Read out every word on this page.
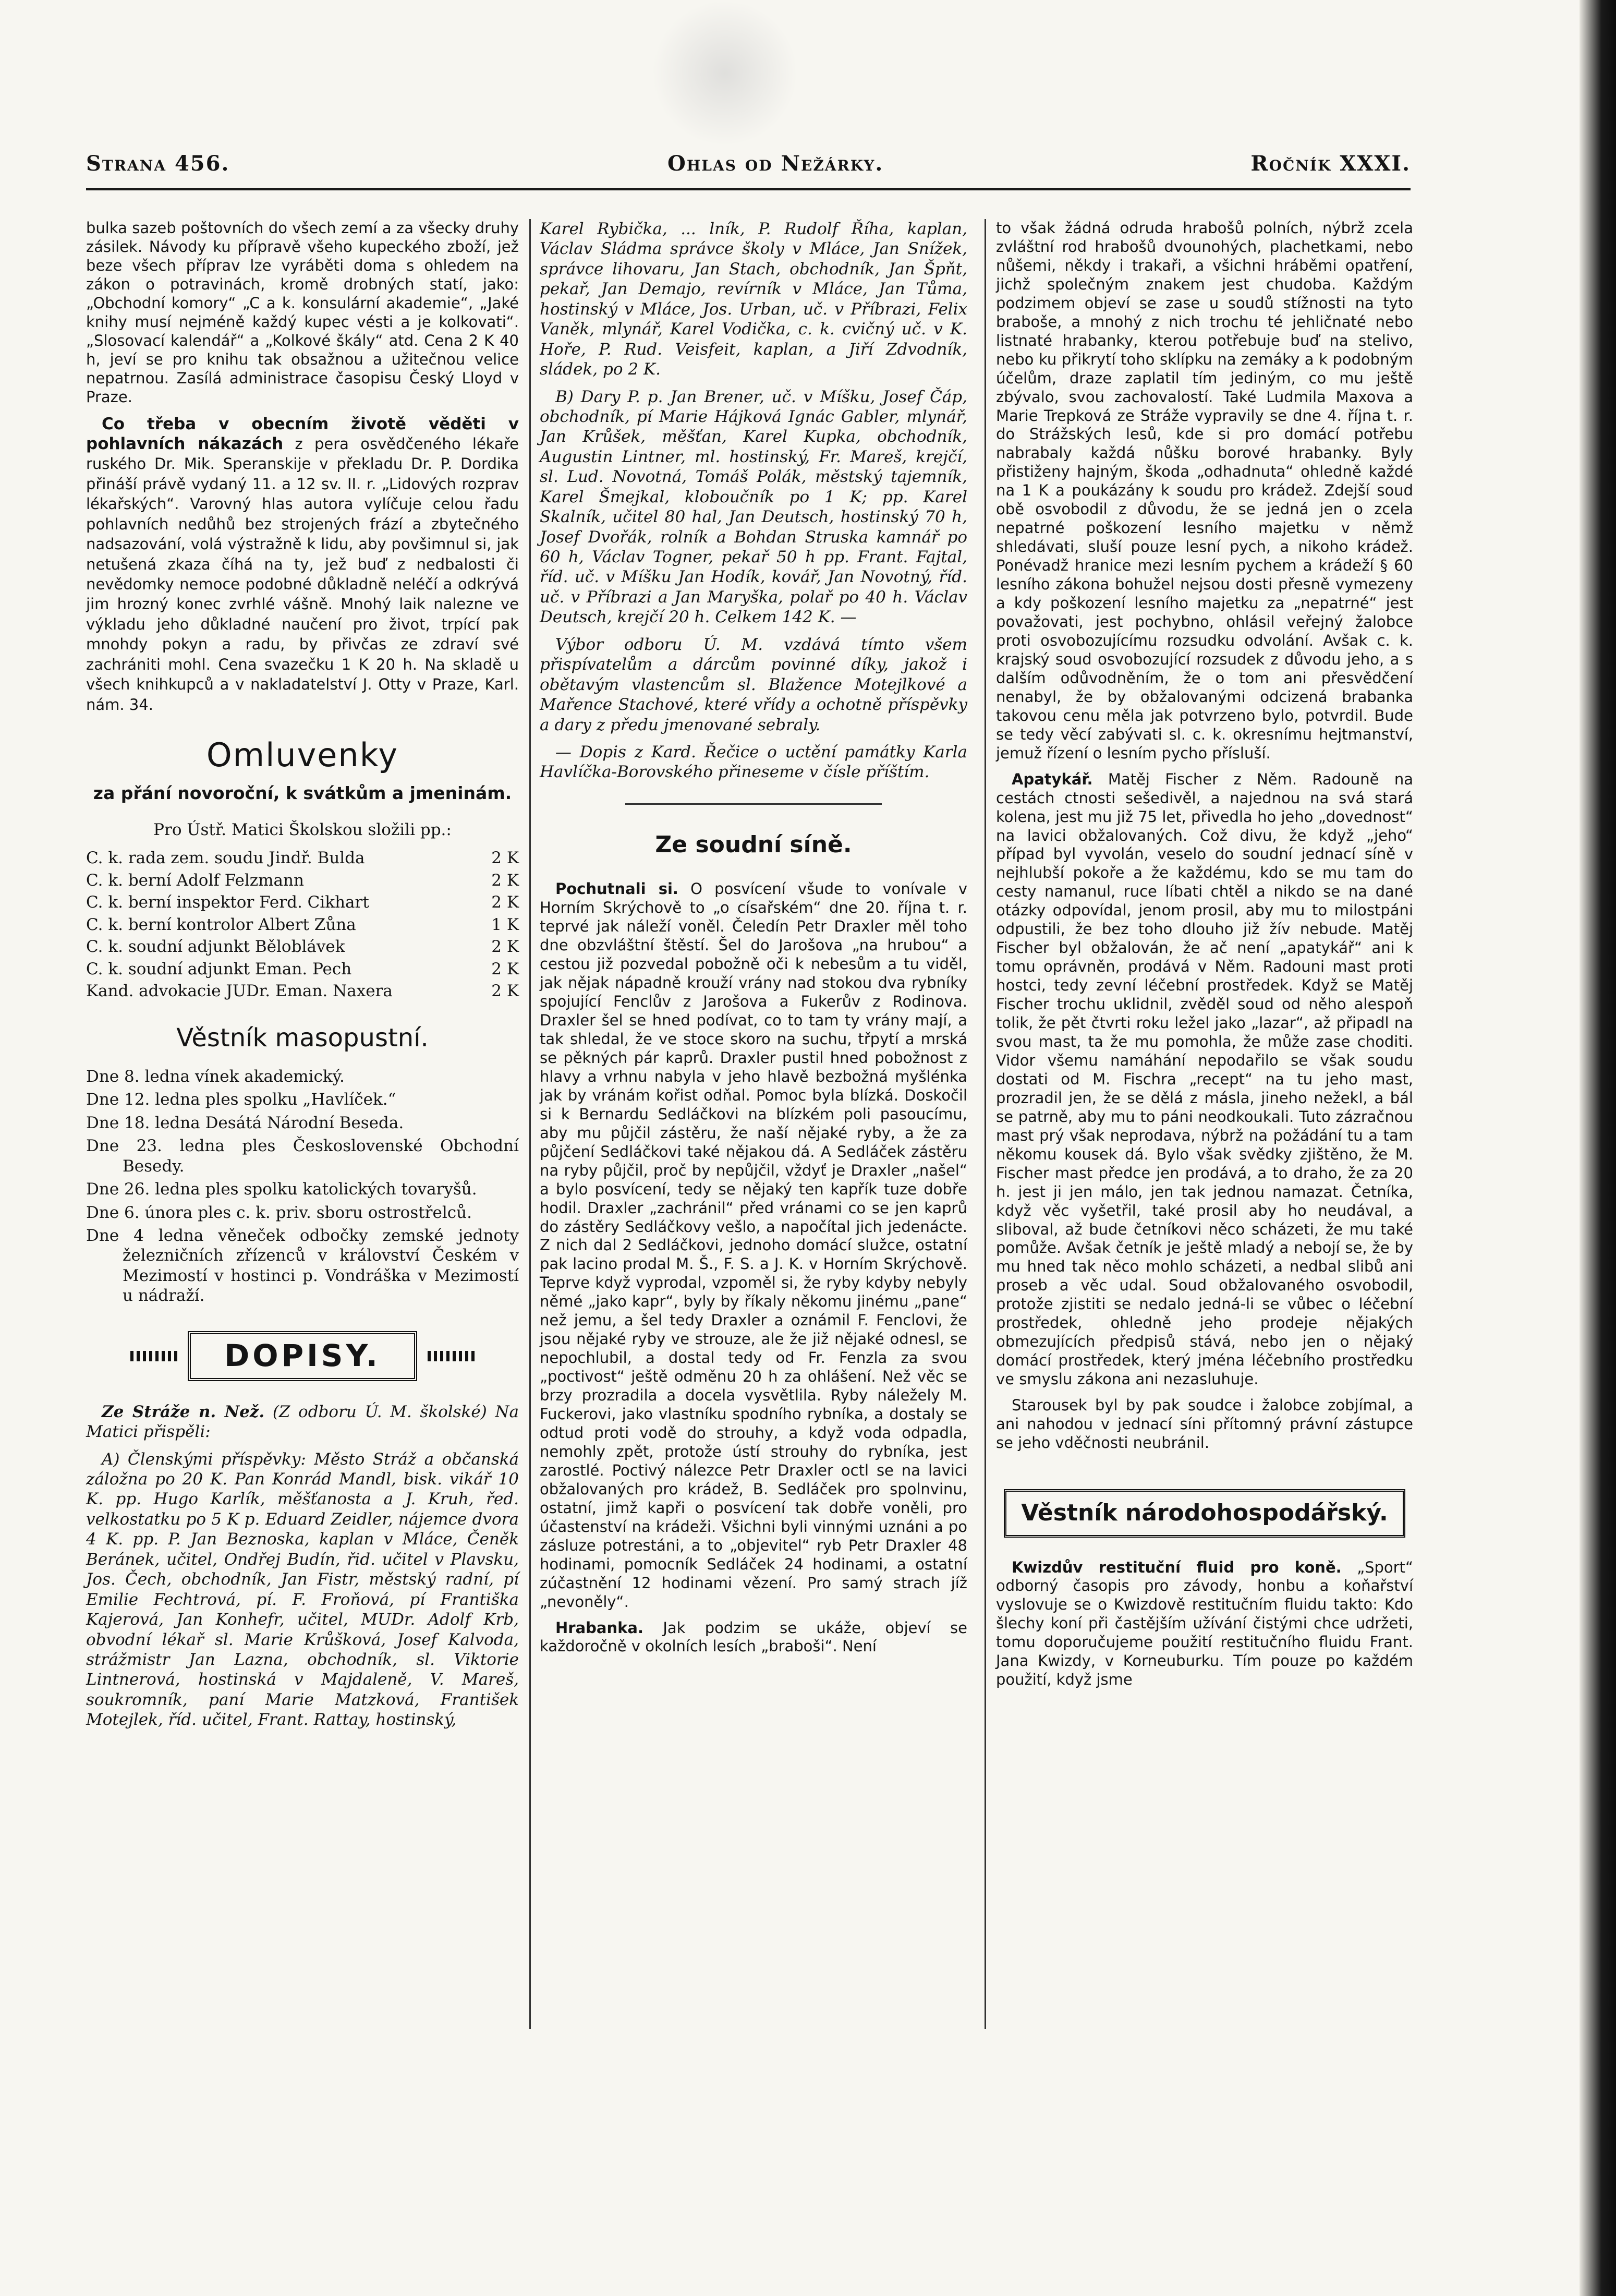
Strana 456.	Ohlas od Nežárky.	Ročník XXXI.

bulka sazeb poštovních do všech zemí a za všecky druhy zásilek. Návody ku přípravě všeho kupeckého zboží, jež beze všech příprav lze vyráběti doma s ohledem na zákon o potravinách, kromě drobných statí, jako: „Obchodní komory“ „C a k. konsulární akademie“, „Jaké knihy musí nejméně každý kupec vésti a je kolkovati“. „Slosovací kalendář“ a „Kolkové škály“ atd. Cena 2 K 40 h, jeví se pro knihu tak obsažnou a užitečnou velice nepatrnou. Zasílá administrace časopisu Český Lloyd v Praze.

Co třeba v obecním životě věděti v pohlavních nákazách z pera osvědčeného lékaře ruského Dr. Mik. Speranskije v překladu Dr. P. Dordika přináší právě vydaný 11. a 12 sv. II. r. „Lidových rozprav lékařských“. Varovný hlas autora vylíčuje celou řadu pohlavních nedůhů bez strojených frází a zbytečného nadsazování, volá výstražně k lidu, aby povšimnul si, jak netušená zkaza číhá na ty, jež buď z nedbalosti či nevědomky nemoce podobné důkladně neléčí a odkrývá jim hrozný konec zvrhlé vášně. Mnohý laik nalezne ve výkladu jeho důkladné naučení pro život, trpící pak mnohdy pokyn a radu, by přivčas ze zdraví své zachrániti mohl. Cena svazečku 1 K 20 h. Na skladě u všech knihkupců a v nakladatelství J. Otty v Praze, Karl. nám. 34.

Omluvenky
za přání novoroční, k svátkům a jmeninám.

Pro Ústř. Matici Školskou složili pp.:

C. k. rada zem. soudu Jindř. Bulda	2 K
C. k. berní Adolf Felzmann	2 K
C. k. berní inspektor Ferd. Cikhart	2 K
C. k. berní kontrolor Albert Zůna	1 K
C. k. soudní adjunkt Běloblávek	2 K
C. k. soudní adjunkt Eman. Pech	2 K
Kand. advokacie JUDr. Eman. Naxera	2 K
Věstník masopustní.
Dne 8. ledna vínek akademický.
Dne 12. ledna ples spolku „Havlíček.“
Dne 18. ledna Desátá Národní Beseda.
Dne 23. ledna ples Československé Obchodní Besedy.
Dne 26. ledna ples spolku katolických tovaryšů.
Dne 6. února ples c. k. priv. sboru ostrostřelců.
Dne 4 ledna věneček odbočky zemské jednoty železničních zřízenců v království Českém v Mezimostí v hostinci p. Vondráška v Mezimostí u nádraží.
DOPISY.

Ze Stráže n. Než. (Z odboru Ú. M. školské) Na Matici přispěli:

A) Členskými příspěvky: Město Stráž a občanská záložna po 20 K. Pan Konrád Mandl, bisk. vikář 10 K. pp. Hugo Karlík, měšťanosta a J. Kruh, řed. velkostatku po 5 K p. Eduard Zeidler, nájemce dvora 4 K. pp. P. Jan Beznoska, kaplan v Mláce, Čeněk Beránek, učitel, Ondřej Budín, řid. učitel v Plavsku, Jos. Čech, obchodník, Jan Fistr, městský radní, pí Emilie Fechtrová, pí. F. Froňová, pí Františka Kajerová, Jan Konhefr, učitel, MUDr. Adolf Krb, obvodní lékař sl. Marie Krůšková, Josef Kalvoda, strážmistr Jan Lazna, obchodník, sl. Viktorie Lintnerová, hostinská v Majdaleně, V. Mareš, soukromník, paní Marie Matzková, František Motejlek, říd. učitel, Frant. Rattay, hostinský,

Karel Rybička, ... lník, P. Rudolf Říha, kaplan, Václav Sládma správce školy v Mláce, Jan Snížek, správce lihovaru, Jan Stach, obchodník, Jan Špňt, pekař, Jan Demajo, revírník v Mláce, Jan Tůma, hostinský v Mláce, Jos. Urban, uč. v Příbrazi, Felix Vaněk, mlynář, Karel Vodička, c. k. cvičný uč. v K. Hoře, P. Rud. Veisfeit, kaplan, a Jiří Zdvodník, sládek, po 2 K.

B) Dary P. p. Jan Brener, uč. v Míšku, Josef Čáp, obchodník, pí Marie Hájková Ignác Gabler, mlynář, Jan Krůšek, měšťan, Karel Kupka, obchodník, Augustin Lintner, ml. hostinský, Fr. Mareš, krejčí, sl. Lud. Novotná, Tomáš Polák, městský tajemník, Karel Šmejkal, kloboučník po 1 K; pp. Karel Skalník, učitel 80 hal, Jan Deutsch, hostinský 70 h, Josef Dvořák, rolník a Bohdan Struska kamnář po 60 h, Václav Togner, pekař 50 h pp. Frant. Fajtal, říd. uč. v Míšku Jan Hodík, kovář, Jan Novotný, říd. uč. v Příbrazi a Jan Maryška, polař po 40 h. Václav Deutsch, krejčí 20 h. Celkem 142 K. —

Výbor odboru Ú. M. vzdává tímto všem přispívatelům a dárcům povinné díky, jakož i obětavým vlastencům sl. Blažence Motejlkové a Mařence Stachové, které vřídy a ochotně příspěvky a dary z předu jmenované sebraly.

— Dopis z Kard. Řečice o uctění památky Karla Havlíčka-Borovského přineseme v čísle příštím.

Ze soudní síně.

Pochutnali si. O posvícení všude to vonívale v Horním Skrýchově to „o císařském“ dne 20. října t. r. teprvé jak náleží voněl. Čeledín Petr Draxler měl toho dne obzvláštní štěstí. Šel do Jarošova „na hrubou“ a cestou již pozvedal pobožně oči k nebesům a tu viděl, jak nějak nápadně krouží vrány nad stokou dva rybníky spojující Fenclův z Jarošova a Fukerův z Rodinova. Draxler šel se hned podívat, co to tam ty vrány mají, a tak shledal, že ve stoce skoro na suchu, třpytí a mrská se pěkných pár kaprů. Draxler pustil hned pobožnost z hlavy a vrhnu nabyla v jeho hlavě bezbožná myšlénka jak by vránám kořist odňal. Pomoc byla blízká. Doskočil si k Bernardu Sedláčkovi na blízkém poli pasoucímu, aby mu půjčil zástěru, že naší nějaké ryby, a že za půjčení Sedláčkovi také nějakou dá. A Sedláček zástěru na ryby půjčil, proč by nepůjčil, vždyť je Draxler „našel“ a bylo posvícení, tedy se nějaký ten kapřík tuze dobře hodil. Draxler „zachránil“ před vránami co se jen kaprů do zástěry Sedláčkovy vešlo, a napočítal jich jedenácte. Z nich dal 2 Sedláčkovi, jednoho domácí služce, ostatní pak lacino prodal M. Š., F. S. a J. K. v Horním Skrýchově. Teprve když vyprodal, vzpoměl si, že ryby kdyby nebyly němé „jako kapr“, byly by říkaly někomu jinému „pane“ než jemu, a šel tedy Draxler a oznámil F. Fenclovi, že jsou nějaké ryby ve strouze, ale že již nějaké odnesl, se nepochlubil, a dostal tedy od Fr. Fenzla za svou „poctivost“ ještě odměnu 20 h za ohlášení. Než věc se brzy prozradila a docela vysvětlila. Ryby náležely M. Fuckerovi, jako vlastníku spodního rybníka, a dostaly se odtud proti vodě do strouhy, a když voda odpadla, nemohly zpět, protože ústí strouhy do rybníka, jest zarostlé. Poctivý nálezce Petr Draxler octl se na lavici obžalovaných pro krádež, B. Sedláček pro spolnvinu, ostatní, jimž kapři o posvícení tak dobře voněli, pro účastenství na krádeži. Všichni byli vinnými uznáni a po zásluze potrestáni, a to „objevitel“ ryb Petr Draxler 48 hodinami, pomocník Sedláček 24 hodinami, a ostatní zúčastnění 12 hodinami vězení. Pro samý strach jíž „nevoněly“.

Hrabanka. Jak podzim se ukáže, objeví se každoročně v okolních lesích „braboši“. Není

to však žádná odruda hrabošů polních, nýbrž zcela zvláštní rod hrabošů dvounohých, plachetkami, nebo nůšemi, někdy i trakaři, a všichni hráběmi opatření, jichž společným znakem jest chudoba. Každým podzimem objeví se zase u soudů stížnosti na tyto braboše, a mnohý z nich trochu té jehličnaté nebo listnaté hrabanky, kterou potřebuje buď na stelivo, nebo ku přikrytí toho sklípku na zemáky a k podobným účelům, draze zaplatil tím jediným, co mu ještě zbývalo, svou zachovalostí. Také Ludmila Maxova a Marie Trepková ze Stráže vypravily se dne 4. října t. r. do Strážských lesů, kde si pro domácí potřebu nabrabaly každá nůšku borové hrabanky. Byly přistiženy hajným, škoda „odhadnuta“ ohledně každé na 1 K a poukázány k soudu pro krádež. Zdejší soud obě osvobodil z důvodu, že se jedná jen o zcela nepatrné poškození lesního majetku v němž shledávati, sluší pouze lesní pych, a nikoho krádež. Ponévadž hranice mezi lesním pychem a krádeží § 60 lesního zákona bohužel nejsou dosti přesně vymezeny a kdy poškození lesního majetku za „nepatrné“ jest považovati, jest pochybno, ohlásil veřejný žalobce proti osvobozujícímu rozsudku odvolání. Avšak c. k. krajský soud osvobozující rozsudek z důvodu jeho, a s dalším odůvodněním, že o tom ani přesvědčení nenabyl, že by obžalovanými odcizená brabanka takovou cenu měla jak potvrzeno bylo, potvrdil. Bude se tedy věcí zabývati sl. c. k. okresnímu hejtmanství, jemuž řízení o lesním pycho přísluší.

Apatykář. Matěj Fischer z Něm. Radouně na cestách ctnosti sešedivěl, a najednou na svá stará kolena, jest mu již 75 let, přivedla ho jeho „dovednost“ na lavici obžalovaných. Což divu, že když „jeho“ případ byl vyvolán, veselo do soudní jednací síně v nejhlubší pokoře a že každému, kdo se mu tam do cesty namanul, ruce líbati chtěl a nikdo se na dané otázky odpovídal, jenom prosil, aby mu to milostpáni odpustili, že bez toho dlouho již žív nebude. Matěj Fischer byl obžalován, že ač není „apatykář“ ani k tomu oprávněn, prodává v Něm. Radouni mast proti hostci, tedy zevní léčební prostředek. Když se Matěj Fischer trochu uklidnil, zvěděl soud od něho alespoň tolik, že pět čtvrti roku ležel jako „lazar“, až připadl na svou mast, ta že mu pomohla, že může zase choditi. Vidor všemu namáhání nepodařilo se však soudu dostati od M. Fischra „recept“ na tu jeho mast, prozradil jen, že se dělá z másla, jineho nežekl, a bál se patrně, aby mu to páni neodkoukali. Tuto zázračnou mast prý však neprodava, nýbrž na požádání tu a tam někomu kousek dá. Bylo však svědky zjištěno, že M. Fischer mast předce jen prodává, a to draho, že za 20 h. jest ji jen málo, jen tak jednou namazat. Četníka, když věc vyšetřil, také prosil aby ho neudával, a sliboval, až bude četníkovi něco scházeti, že mu také pomůže. Avšak četník je ještě mladý a nebojí se, že by mu hned tak něco mohlo scházeti, a nedbal slibů ani proseb a věc udal. Soud obžalovaného osvobodil, protože zjistiti se nedalo jedná-li se vůbec o léčební prostředek, ohledně jeho prodeje nějakých obmezujících předpisů stává, nebo jen o nějaký domácí prostředek, který jména léčebního prostředku ve smyslu zákona ani nezasluhuje.

Starousek byl by pak soudce i žalobce zobjímal, a ani nahodou v jednací síni přítomný právní zástupce se jeho vděčnosti neubránil.

Věstník národohospodářský.

Kwizdův restituční fluid pro koně. „Sport“ odborný časopis pro závody, honbu a koňařství vyslovuje se o Kwizdově restitučním fluidu takto: Kdo šlechy koní při častějším užívání čistými chce udržeti, tomu doporučujeme použití restitučního fluidu Frant. Jana Kwizdy, v Korneuburku. Tím pouze po každém použití, když jsme
